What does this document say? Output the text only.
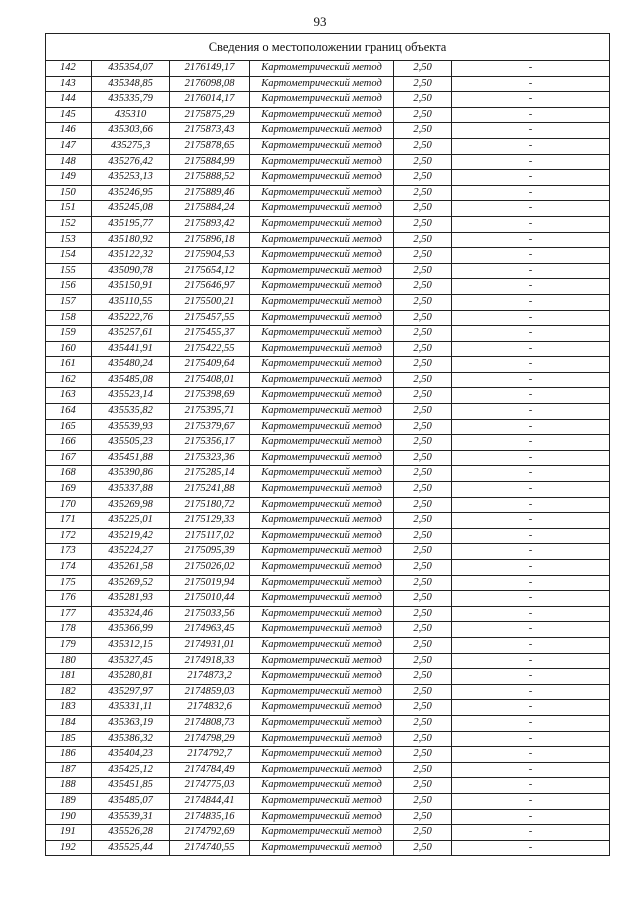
93
Сведения о местоположении границ объекта					
142	435354,07	2176149,17	Картометрический метод	2,50	-
143	435348,85	2176098,08	Картометрический метод	2,50	-
144	435335,79	2176014,17	Картометрический метод	2,50	-
145	435310	2175875,29	Картометрический метод	2,50	-
146	435303,66	2175873,43	Картометрический метод	2,50	-
147	435275,3	2175878,65	Картометрический метод	2,50	-
148	435276,42	2175884,99	Картометрический метод	2,50	-
149	435253,13	2175888,52	Картометрический метод	2,50	-
150	435246,95	2175889,46	Картометрический метод	2,50	-
151	435245,08	2175884,24	Картометрический метод	2,50	-
152	435195,77	2175893,42	Картометрический метод	2,50	-
153	435180,92	2175896,18	Картометрический метод	2,50	-
154	435122,32	2175904,53	Картометрический метод	2,50	-
155	435090,78	2175654,12	Картометрический метод	2,50	-
156	435150,91	2175646,97	Картометрический метод	2,50	-
157	435110,55	2175500,21	Картометрический метод	2,50	-
158	435222,76	2175457,55	Картометрический метод	2,50	-
159	435257,61	2175455,37	Картометрический метод	2,50	-
160	435441,91	2175422,55	Картометрический метод	2,50	-
161	435480,24	2175409,64	Картометрический метод	2,50	-
162	435485,08	2175408,01	Картометрический метод	2,50	-
163	435523,14	2175398,69	Картометрический метод	2,50	-
164	435535,82	2175395,71	Картометрический метод	2,50	-
165	435539,93	2175379,67	Картометрический метод	2,50	-
166	435505,23	2175356,17	Картометрический метод	2,50	-
167	435451,88	2175323,36	Картометрический метод	2,50	-
168	435390,86	2175285,14	Картометрический метод	2,50	-
169	435337,88	2175241,88	Картометрический метод	2,50	-
170	435269,98	2175180,72	Картометрический метод	2,50	-
171	435225,01	2175129,33	Картометрический метод	2,50	-
172	435219,42	2175117,02	Картометрический метод	2,50	-
173	435224,27	2175095,39	Картометрический метод	2,50	-
174	435261,58	2175026,02	Картометрический метод	2,50	-
175	435269,52	2175019,94	Картометрический метод	2,50	-
176	435281,93	2175010,44	Картометрический метод	2,50	-
177	435324,46	2175033,56	Картометрический метод	2,50	-
178	435366,99	2174963,45	Картометрический метод	2,50	-
179	435312,15	2174931,01	Картометрический метод	2,50	-
180	435327,45	2174918,33	Картометрический метод	2,50	-
181	435280,81	2174873,2	Картометрический метод	2,50	-
182	435297,97	2174859,03	Картометрический метод	2,50	-
183	435331,11	2174832,6	Картометрический метод	2,50	-
184	435363,19	2174808,73	Картометрический метод	2,50	-
185	435386,32	2174798,29	Картометрический метод	2,50	-
186	435404,23	2174792,7	Картометрический метод	2,50	-
187	435425,12	2174784,49	Картометрический метод	2,50	-
188	435451,85	2174775,03	Картометрический метод	2,50	-
189	435485,07	2174844,41	Картометрический метод	2,50	-
190	435539,31	2174835,16	Картометрический метод	2,50	-
191	435526,28	2174792,69	Картометрический метод	2,50	-
192	435525,44	2174740,55	Картометрический метод	2,50	-
